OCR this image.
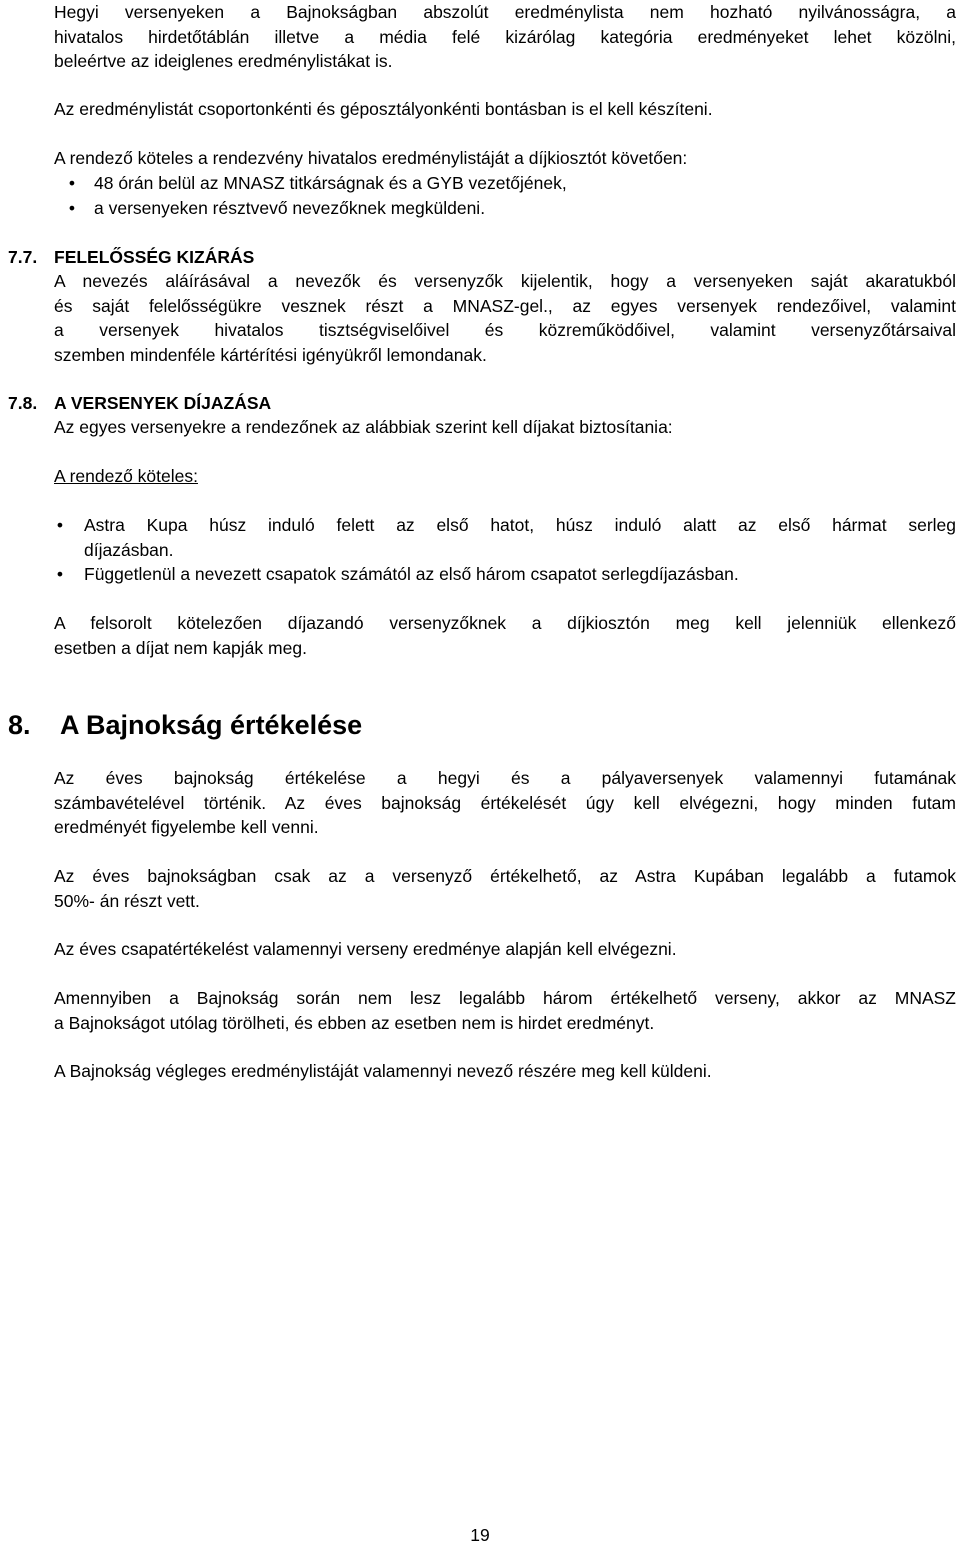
Hegyi versenyeken a Bajnokságban abszolút eredménylista nem hozható nyilvánosságra, a
hivatalos hirdetőtáblán illetve a média felé kizárólag kategória eredményeket lehet közölni,
beleértve az ideiglenes eredménylistákat is.
Az eredménylistát csoportonkénti és géposztályonkénti bontásban is el kell készíteni.
A rendező köteles a rendezvény hivatalos eredménylistáját a díjkiosztót követően:
• 48 órán belül az MNASZ titkárságnak és a GYB vezetőjének,
• a versenyeken résztvevő nevezőknek megküldeni.
7.7. FELELŐSSÉG KIZÁRÁS
A nevezés aláírásával a nevezők és versenyzők kijelentik, hogy a versenyeken saját akaratukból
és saját felelősségükre vesznek részt a MNASZ-gel., az egyes versenyek rendezőivel, valamint
a versenyek hivatalos tisztségviselőivel és közreműködőivel, valamint versenyzőtársaival
szemben mindenféle kártérítési igényükről lemondanak.
7.8. A VERSENYEK DÍJAZÁSA
Az egyes versenyekre a rendezőnek az alábbiak szerint kell díjakat biztosítania:
A rendező köteles:
• Astra Kupa húsz induló felett az első hatot, húsz induló alatt az első hármat serleg
díjazásban.
• Függetlenül a nevezett csapatok számától az első három csapatot serlegdíjazásban.
A felsorolt kötelezően díjazandó versenyzőknek a díjkiosztón meg kell jelenniük ellenkező
esetben a díjat nem kapják meg.
8. A Bajnokság értékelése
Az éves bajnokság értékelése a hegyi és a pályaversenyek valamennyi futamának
számbavételével történik. Az éves bajnokság értékelését úgy kell elvégezni, hogy minden futam
eredményét figyelembe kell venni.
Az éves bajnokságban csak az a versenyző értékelhető, az Astra Kupában legalább a futamok
50%- án részt vett.
Az éves csapatértékelést valamennyi verseny eredménye alapján kell elvégezni.
Amennyiben a Bajnokság során nem lesz legalább három értékelhető verseny, akkor az MNASZ
a Bajnokságot utólag törölheti, és ebben az esetben nem is hirdet eredményt.
A Bajnokság végleges eredménylistáját valamennyi nevező részére meg kell küldeni.
19
